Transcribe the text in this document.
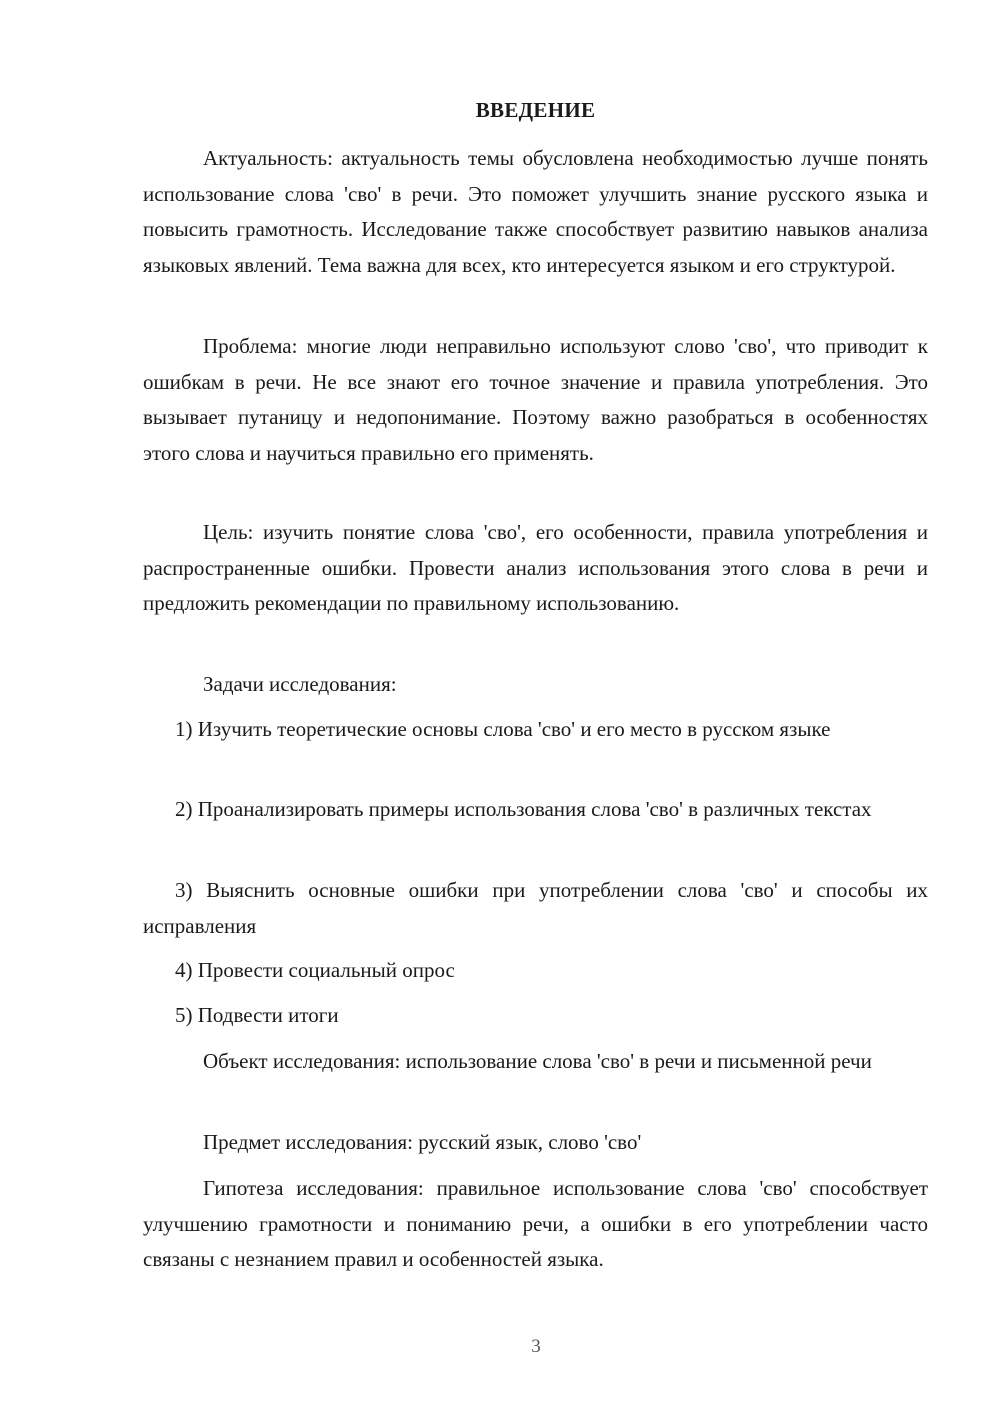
ВВЕДЕНИЕ

Актуальность: актуальность темы обусловлена необходимостью лучше понять использование слова 'сво' в речи. Это поможет улучшить знание русского языка и повысить грамотность. Исследование также способствует развитию навыков анализа языковых явлений. Тема важна для всех, кто интересуется языком и его структурой.

Проблема: многие люди неправильно используют слово 'сво', что приводит к ошибкам в речи. Не все знают его точное значение и правила употребления. Это вызывает путаницу и недопонимание. Поэтому важно разобраться в особенностях этого слова и научиться правильно его применять.

Цель: изучить понятие слова 'сво', его особенности, правила употребления и распространенные ошибки. Провести анализ использования этого слова в речи и предложить рекомендации по правильному использованию.

Задачи исследования:

1) Изучить теоретические основы слова 'сво' и его место в русском языке

2) Проанализировать примеры использования слова 'сво' в различных текстах

3) Выяснить основные ошибки при употреблении слова 'сво' и способы их исправления

4) Провести социальный опрос

5) Подвести итоги

Объект исследования: использование слова 'сво' в речи и письменной речи

Предмет исследования: русский язык, слово 'сво'

Гипотеза исследования: правильное использование слова 'сво' способствует улучшению грамотности и пониманию речи, а ошибки в его употреблении часто связаны с незнанием правил и особенностей языка.

3
